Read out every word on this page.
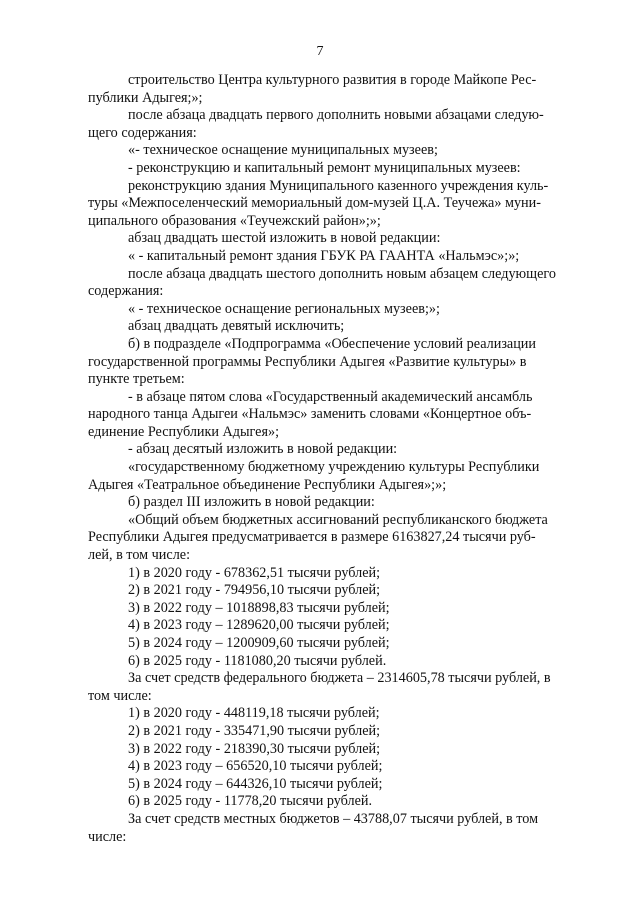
7

строительство Центра культурного развития в городе Майкопе Рес-
публики Адыгея;»;

после абзаца двадцать первого дополнить новыми абзацами следую-
щего содержания:

«- техническое оснащение муниципальных музеев;

- реконструкцию и капитальный ремонт муниципальных музеев:

реконструкцию здания Муниципального казенного учреждения куль-
туры «Межпоселенческий мемориальный дом-музей Ц.А. Теучежа» муни-
ципального образования «Теучежский район»;»;

абзац двадцать шестой изложить в новой редакции:

« - капитальный ремонт здания ГБУК РА ГААНТА «Нальмэс»;»;

после абзаца двадцать шестого дополнить новым абзацем следующего
содержания:

« - техническое оснащение региональных музеев;»;

абзац двадцать девятый исключить;

б) в подразделе «Подпрограмма «Обеспечение условий реализации
государственной программы Республики Адыгея «Развитие культуры» в
пункте третьем:

- в абзаце пятом слова «Государственный академический ансамбль
народного танца Адыгеи «Нальмэс» заменить словами «Концертное объ-
единение Республики Адыгея»;

- абзац десятый изложить в новой редакции:

«государственному бюджетному учреждению культуры Республики
Адыгея «Театральное объединение Республики Адыгея»;»;

б) раздел III изложить в новой редакции:

«Общий объем бюджетных ассигнований республиканского бюджета
Республики Адыгея предусматривается в размере 6163827,24 тысячи руб-
лей, в том числе:

1) в 2020 году - 678362,51 тысячи рублей;

2) в 2021 году - 794956,10 тысячи рублей;

3) в 2022 году – 1018898,83 тысячи рублей;

4) в 2023 году – 1289620,00 тысячи рублей;

5) в 2024 году – 1200909,60 тысячи рублей;

6) в 2025 году - 1181080,20 тысячи рублей.

За счет средств федерального бюджета – 2314605,78 тысячи рублей, в
том числе:

1) в 2020 году - 448119,18 тысячи рублей;

2) в 2021 году - 335471,90 тысячи рублей;

3) в 2022 году - 218390,30 тысячи рублей;

4) в 2023 году – 656520,10 тысячи рублей;

5) в 2024 году – 644326,10 тысячи рублей;

6) в 2025 году - 11778,20 тысячи рублей.

За счет средств местных бюджетов – 43788,07 тысячи рублей, в том
числе:
